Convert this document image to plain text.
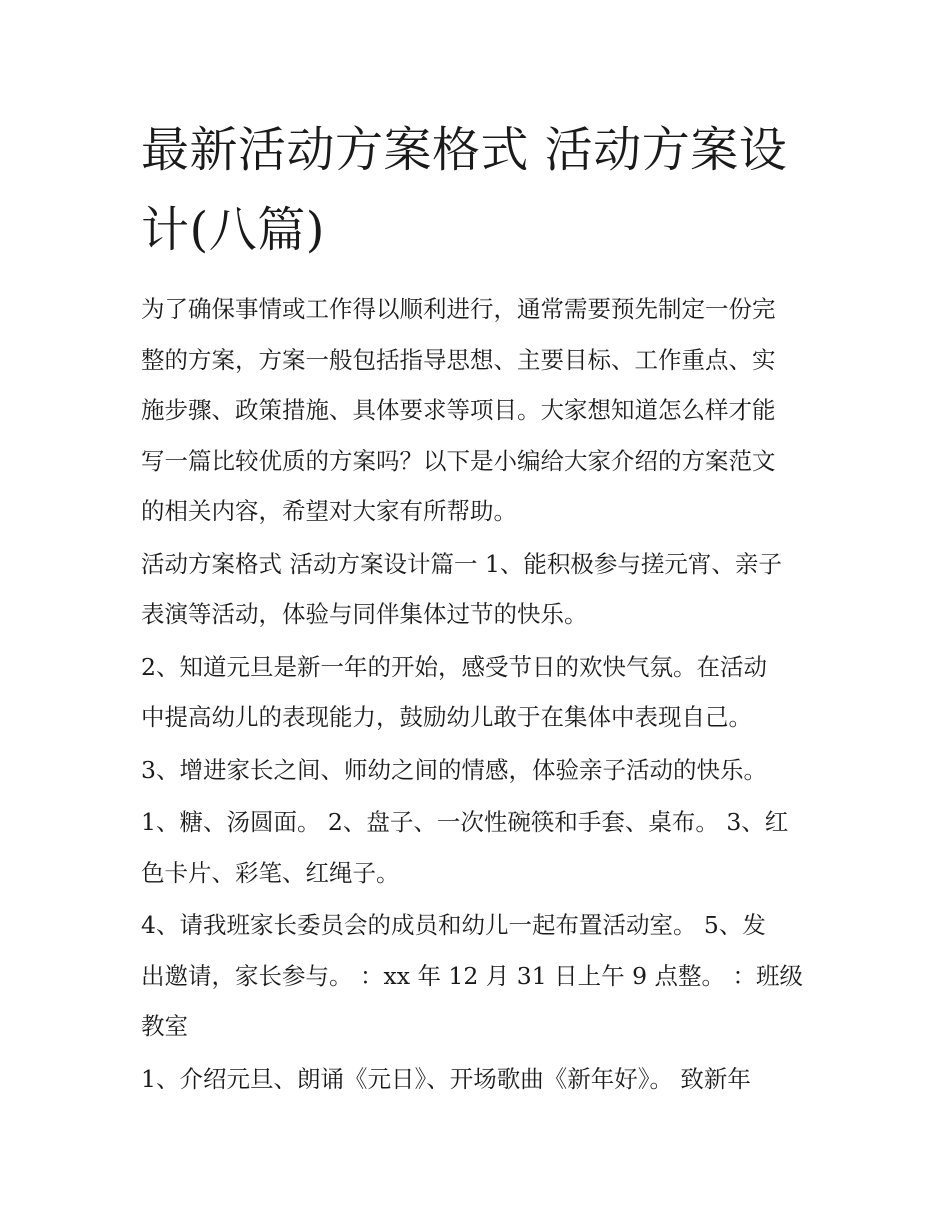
最新活动方案格式 活动方案设
计(八篇)

为了确保事情或工作得以顺利进行，通常需要预先制定一份完
整的方案，方案一般包括指导思想、主要目标、工作重点、实
施步骤、政策措施、具体要求等项目。大家想知道怎么样才能
写一篇比较优质的方案吗？以下是小编给大家介绍的方案范文
的相关内容，希望对大家有所帮助。

活动方案格式 活动方案设计篇一 1、能积极参与搓元宵、亲子
表演等活动，体验与同伴集体过节的快乐。

2、知道元旦是新一年的开始，感受节日的欢快气氛。在活动
中提高幼儿的表现能力，鼓励幼儿敢于在集体中表现自己。

3、增进家长之间、师幼之间的情感，体验亲子活动的快乐。

1、糖、汤圆面。 2、盘子、一次性碗筷和手套、桌布。 3、红
色卡片、彩笔、红绳子。

4、请我班家长委员会的成员和幼儿一起布置活动室。 5、发
出邀请，家长参与。 ：xx 年 12 月 31 日上午 9 点整。 ：班级
教室

1、介绍元旦、朗诵《元日》、开场歌曲《新年好》。 致新年
